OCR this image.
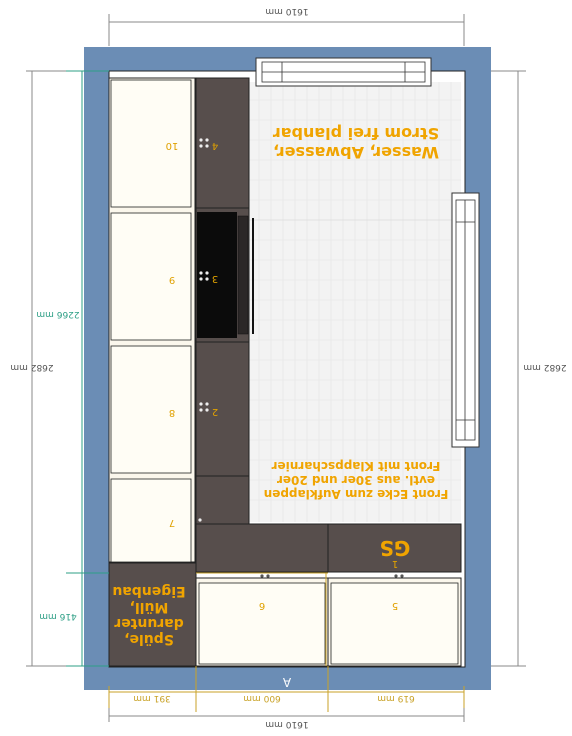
1610 mm
10
9
8
7
4
3
2
1
5
6
GS
A
Wasser, Abwasser,
Strom frei planbar
Front Ecke zum Aufklappen
evtl. aus 30er und 20er
Front mit Klappscharnier
Spüle,
darunter
Müll,
Eigenbau
2682 mm
2266 mm
416 mm
2682 mm
391 mm	600 mm	619 mm
1610 mm
